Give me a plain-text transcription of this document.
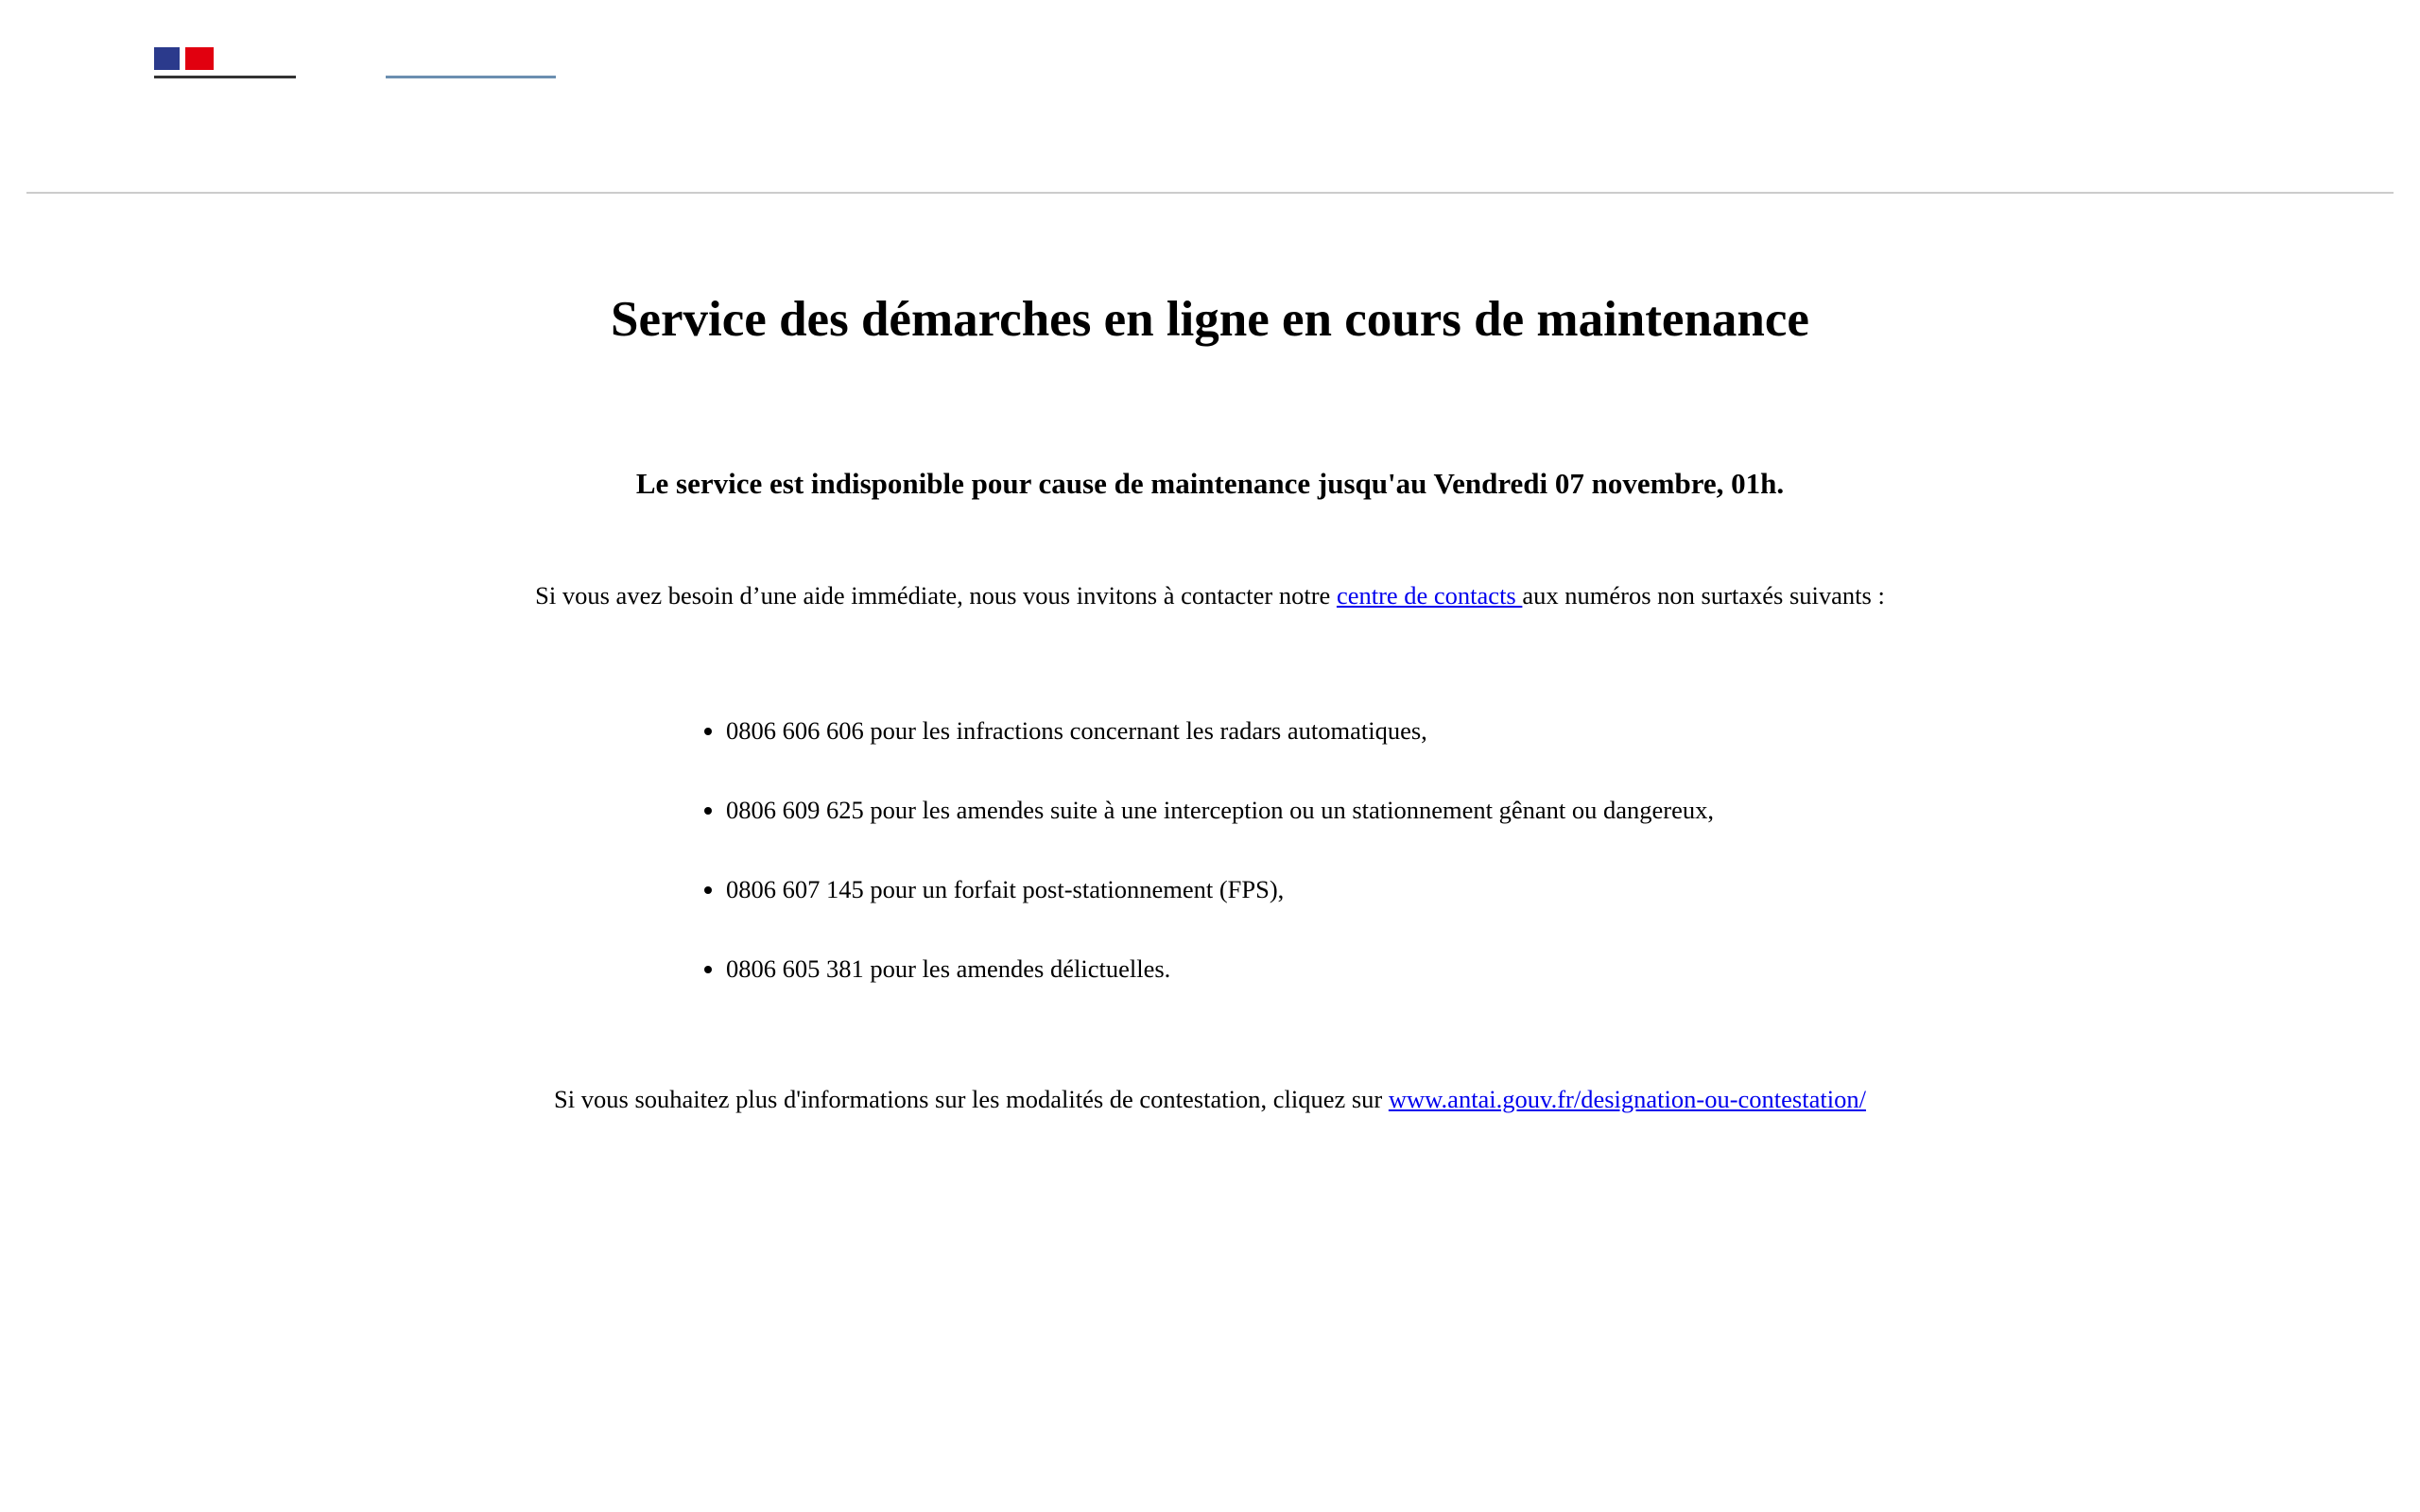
Service des démarches en ligne en cours de maintenance

Le service est indisponible pour cause de maintenance jusqu'au Vendredi 07 novembre, 01h.

Si vous avez besoin d’une aide immédiate, nous vous invitons à contacter notre centre de contacts aux numéros non surtaxés suivants :

• 0806 606 606 pour les infractions concernant les radars automatiques,
• 0806 609 625 pour les amendes suite à une interception ou un stationnement gênant ou dangereux,
• 0806 607 145 pour un forfait post-stationnement (FPS),
• 0806 605 381 pour les amendes délictuelles.

Si vous souhaitez plus d'informations sur les modalités de contestation, cliquez sur www.antai.gouv.fr/designation-ou-contestation/
